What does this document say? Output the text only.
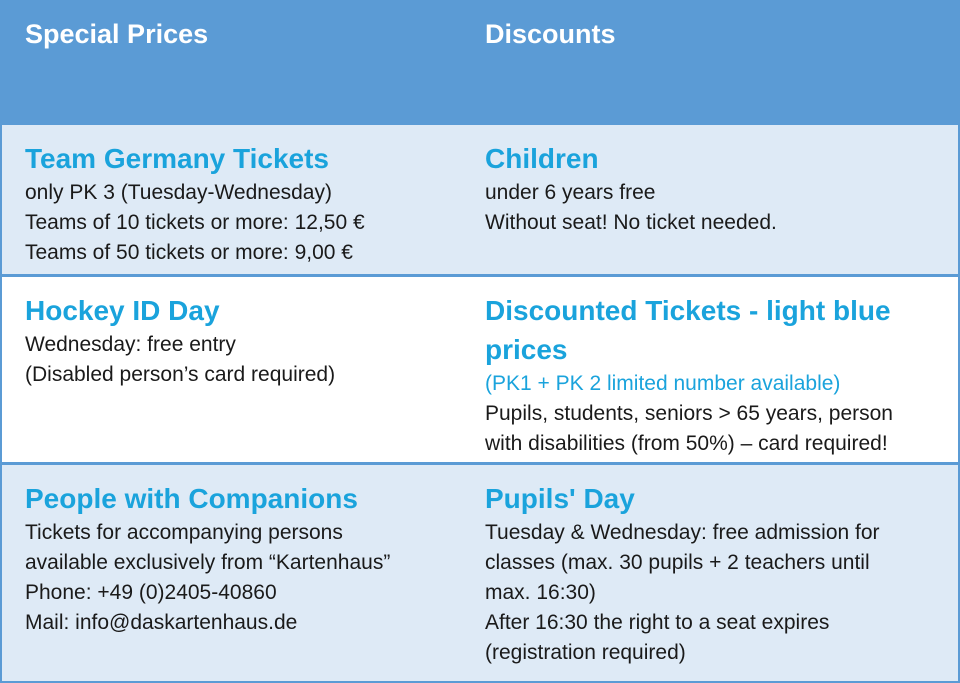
Special Prices	Discounts
Team Germany Tickets
only PK 3 (Tuesday-Wednesday)
Teams of 10 tickets or more: 12,50 €
Teams of 50 tickets or more: 9,00 €
Children
under 6 years free
Without seat! No ticket needed.
Hockey ID Day
Wednesday: free entry
(Disabled person’s card required)
Discounted Tickets - light blue
prices
(PK1 + PK 2 limited number available)
Pupils, students, seniors > 65 years, person
with disabilities (from 50%) – card required!
People with Companions
Tickets for accompanying persons
available exclusively from “Kartenhaus”
Phone: +49 (0)2405-40860
Mail: info@daskartenhaus.de
Pupils' Day
Tuesday & Wednesday: free admission for
classes (max. 30 pupils + 2 teachers until
max. 16:30)
After 16:30 the right to a seat expires
(registration required)
